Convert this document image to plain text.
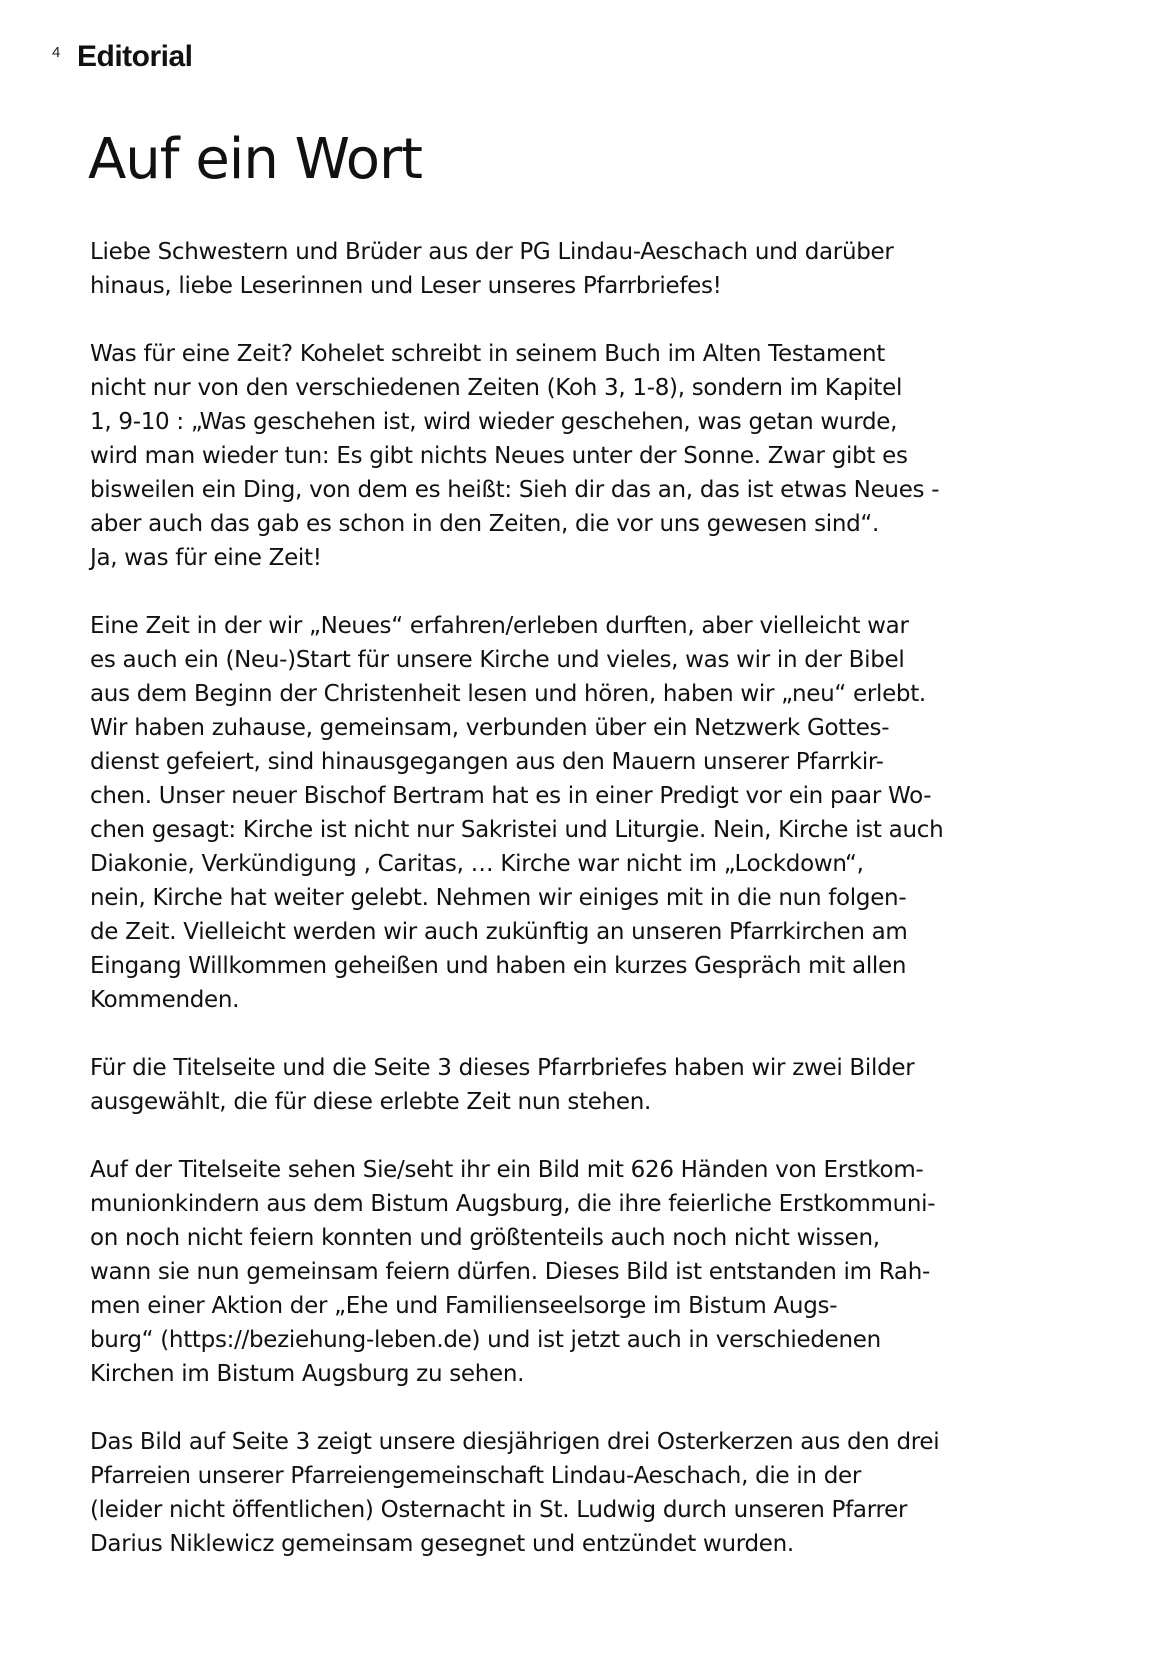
4 Editorial
Auf ein Wort
Liebe Schwestern und Brüder aus der PG Lindau-Aeschach und darüber
hinaus, liebe Leserinnen und Leser unseres Pfarrbriefes!
Was für eine Zeit? Kohelet schreibt in seinem Buch im Alten Testament
nicht nur von den verschiedenen Zeiten (Koh 3, 1-8), sondern im Kapitel
1, 9-10 : „Was geschehen ist, wird wieder geschehen, was getan wurde,
wird man wieder tun: Es gibt nichts Neues unter der Sonne. Zwar gibt es
bisweilen ein Ding, von dem es heißt: Sieh dir das an, das ist etwas Neues -
aber auch das gab es schon in den Zeiten, die vor uns gewesen sind“.
Ja, was für eine Zeit!
Eine Zeit in der wir „Neues“ erfahren/erleben durften, aber vielleicht war
es auch ein (Neu-)Start für unsere Kirche und vieles, was wir in der Bibel
aus dem Beginn der Christenheit lesen und hören, haben wir „neu“ erlebt.
Wir haben zuhause, gemeinsam, verbunden über ein Netzwerk Gottes-
dienst gefeiert, sind hinausgegangen aus den Mauern unserer Pfarrkir-
chen. Unser neuer Bischof Bertram hat es in einer Predigt vor ein paar Wo-
chen gesagt: Kirche ist nicht nur Sakristei und Liturgie. Nein, Kirche ist auch
Diakonie, Verkündigung , Caritas, … Kirche war nicht im „Lockdown“,
nein, Kirche hat weiter gelebt. Nehmen wir einiges mit in die nun folgen-
de Zeit. Vielleicht werden wir auch zukünftig an unseren Pfarrkirchen am
Eingang Willkommen geheißen und haben ein kurzes Gespräch mit allen
Kommenden.
Für die Titelseite und die Seite 3 dieses Pfarrbriefes haben wir zwei Bilder
ausgewählt, die für diese erlebte Zeit nun stehen.
Auf der Titelseite sehen Sie/seht ihr ein Bild mit 626 Händen von Erstkom-
munionkindern aus dem Bistum Augsburg, die ihre feierliche Erstkommuni-
on noch nicht feiern konnten und größtenteils auch noch nicht wissen,
wann sie nun gemeinsam feiern dürfen. Dieses Bild ist entstanden im Rah-
men einer Aktion der „Ehe und Familienseelsorge im Bistum Augs-
burg“ (https://beziehung-leben.de) und ist jetzt auch in verschiedenen
Kirchen im Bistum Augsburg zu sehen.
Das Bild auf Seite 3 zeigt unsere diesjährigen drei Osterkerzen aus den drei
Pfarreien unserer Pfarreiengemeinschaft Lindau-Aeschach, die in der
(leider nicht öffentlichen) Osternacht in St. Ludwig durch unseren Pfarrer
Darius Niklewicz gemeinsam gesegnet und entzündet wurden.
